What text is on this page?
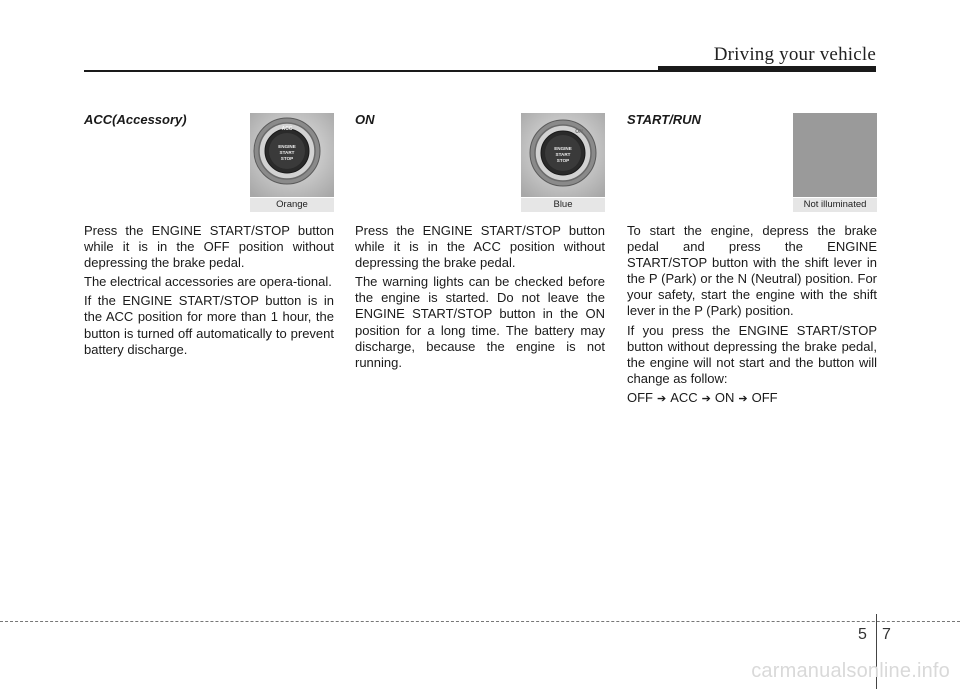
Driving your vehicle
ACC(Accessory)
ACC
ENGINE
START
STOP
Orange

Press the ENGINE START/STOP button while it is in the OFF position without depressing the brake pedal.

The electrical accessories are opera-tional.

If the ENGINE START/STOP button is in the ACC position for more than 1 hour, the button is turned off automatically to prevent battery discharge.

ON
ON
ENGINE
START
STOP
Blue

Press the ENGINE START/STOP button while it is in the ACC position without depressing the brake pedal.

The warning lights can be checked before the engine is started. Do not leave the ENGINE START/STOP button in the ON position for a long time. The battery may discharge, because the engine is not running.

START/RUN
Not illuminated

To start the engine, depress the brake pedal and press the ENGINE START/STOP button with the shift lever in the P (Park) or the N (Neutral) position. For your safety, start the engine with the shift lever in the P (Park) position.

If you press the ENGINE START/STOP button without depressing the brake pedal, the engine will not start and the button will change as follow:

OFF ➔ ACC ➔ ON ➔ OFF

5 7
carmanualsonline.info
